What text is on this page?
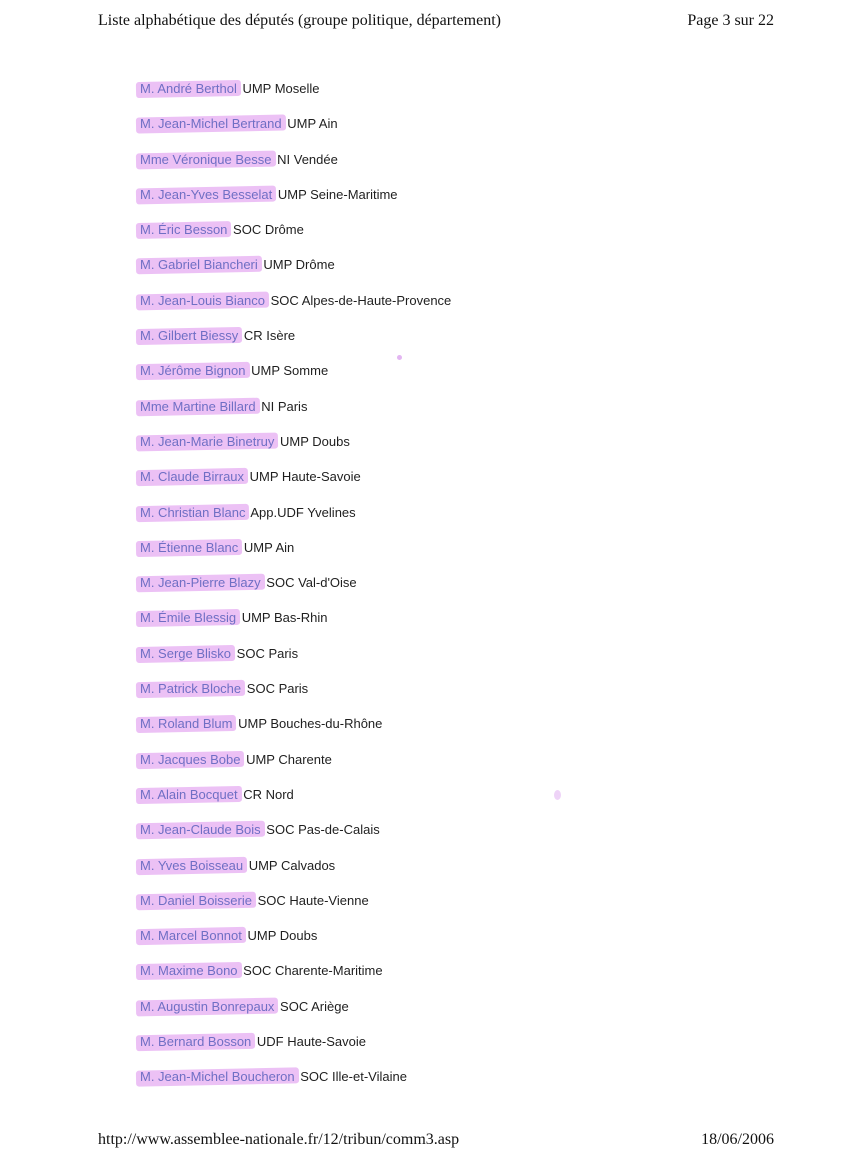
Liste alphabétique des députés (groupe politique, département)	Page 3 sur 22
M. André Berthol UMP Moselle
M. Jean-Michel Bertrand UMP Ain
Mme Véronique Besse NI Vendée
M. Jean-Yves Besselat UMP Seine-Maritime
M. Éric Besson SOC Drôme
M. Gabriel Biancheri UMP Drôme
M. Jean-Louis Bianco SOC Alpes-de-Haute-Provence
M. Gilbert Biessy CR Isère
M. Jérôme Bignon UMP Somme
Mme Martine Billard NI Paris
M. Jean-Marie Binetruy UMP Doubs
M. Claude Birraux UMP Haute-Savoie
M. Christian Blanc App.UDF Yvelines
M. Étienne Blanc UMP Ain
M. Jean-Pierre Blazy SOC Val-d'Oise
M. Émile Blessig UMP Bas-Rhin
M. Serge Blisko SOC Paris
M. Patrick Bloche SOC Paris
M. Roland Blum UMP Bouches-du-Rhône
M. Jacques Bobe UMP Charente
M. Alain Bocquet CR Nord
M. Jean-Claude Bois SOC Pas-de-Calais
M. Yves Boisseau UMP Calvados
M. Daniel Boisserie SOC Haute-Vienne
M. Marcel Bonnot UMP Doubs
M. Maxime Bono SOC Charente-Maritime
M. Augustin Bonrepaux SOC Ariège
M. Bernard Bosson UDF Haute-Savoie
M. Jean-Michel Boucheron SOC Ille-et-Vilaine
http://www.assemblee-nationale.fr/12/tribun/comm3.asp	18/06/2006
